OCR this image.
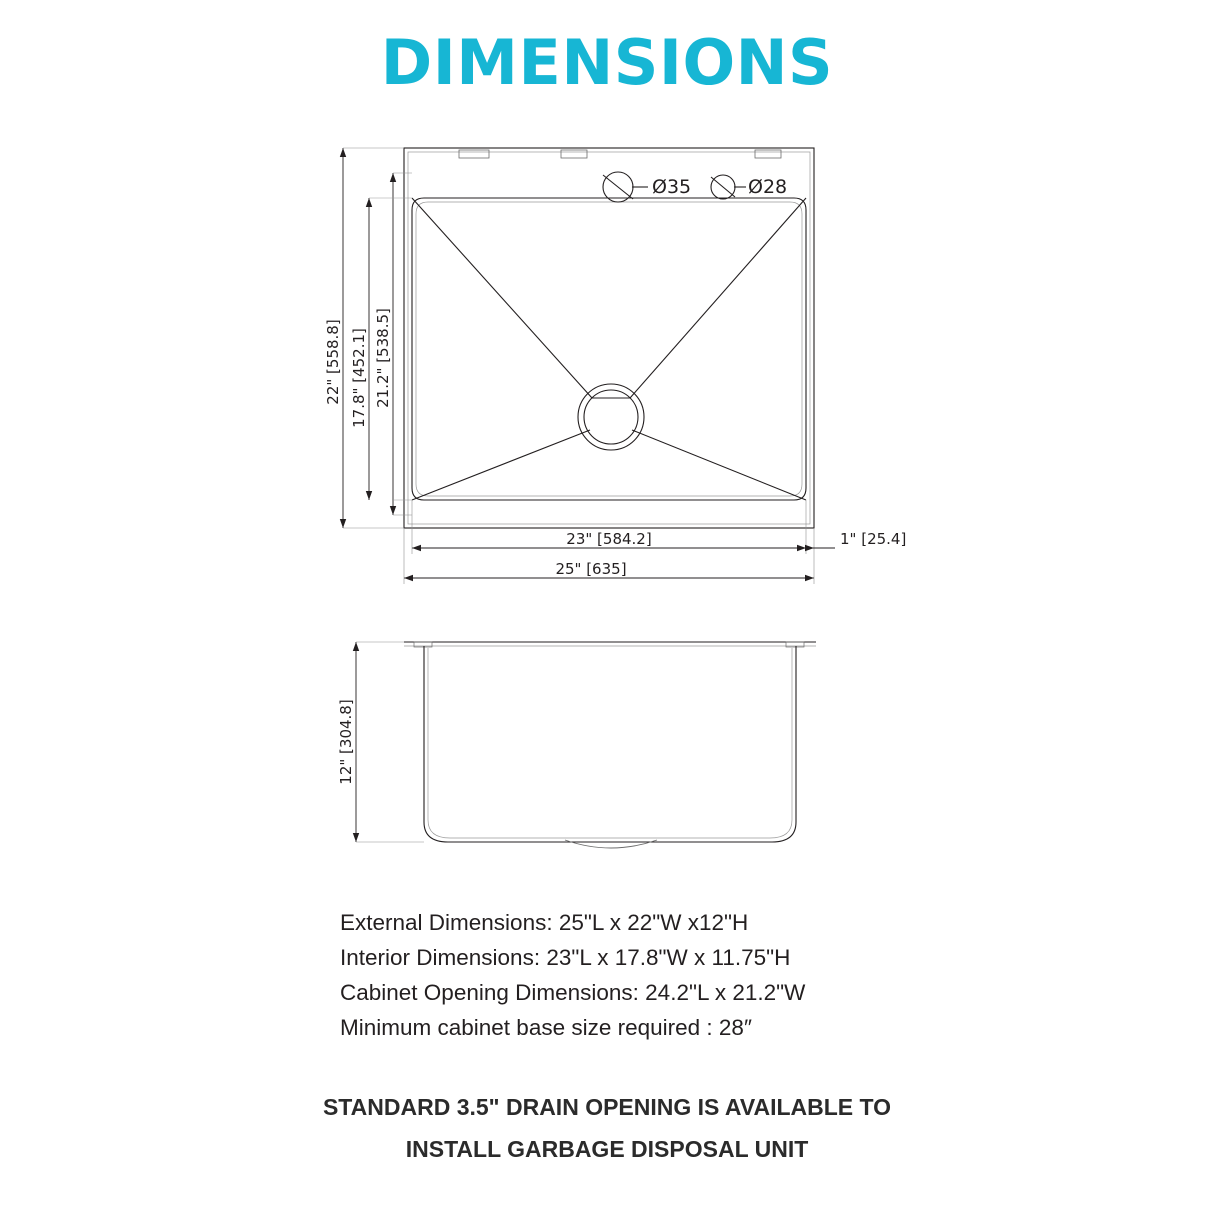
DIMENSIONS
Ø35	Ø28
22" [558.8] 17.8" [452.1] 21.2" [538.5]
23" [584.2]
25" [635]
1" [25.4]
12" [304.8]
External Dimensions: 25"L x 22"W x12"H
Interior Dimensions: 23"L x 17.8"W x 11.75"H
Cabinet Opening Dimensions: 24.2"L x 21.2"W
Minimum cabinet base size required : 28″
STANDARD 3.5" DRAIN OPENING IS AVAILABLE TO
INSTALL GARBAGE DISPOSAL UNIT
